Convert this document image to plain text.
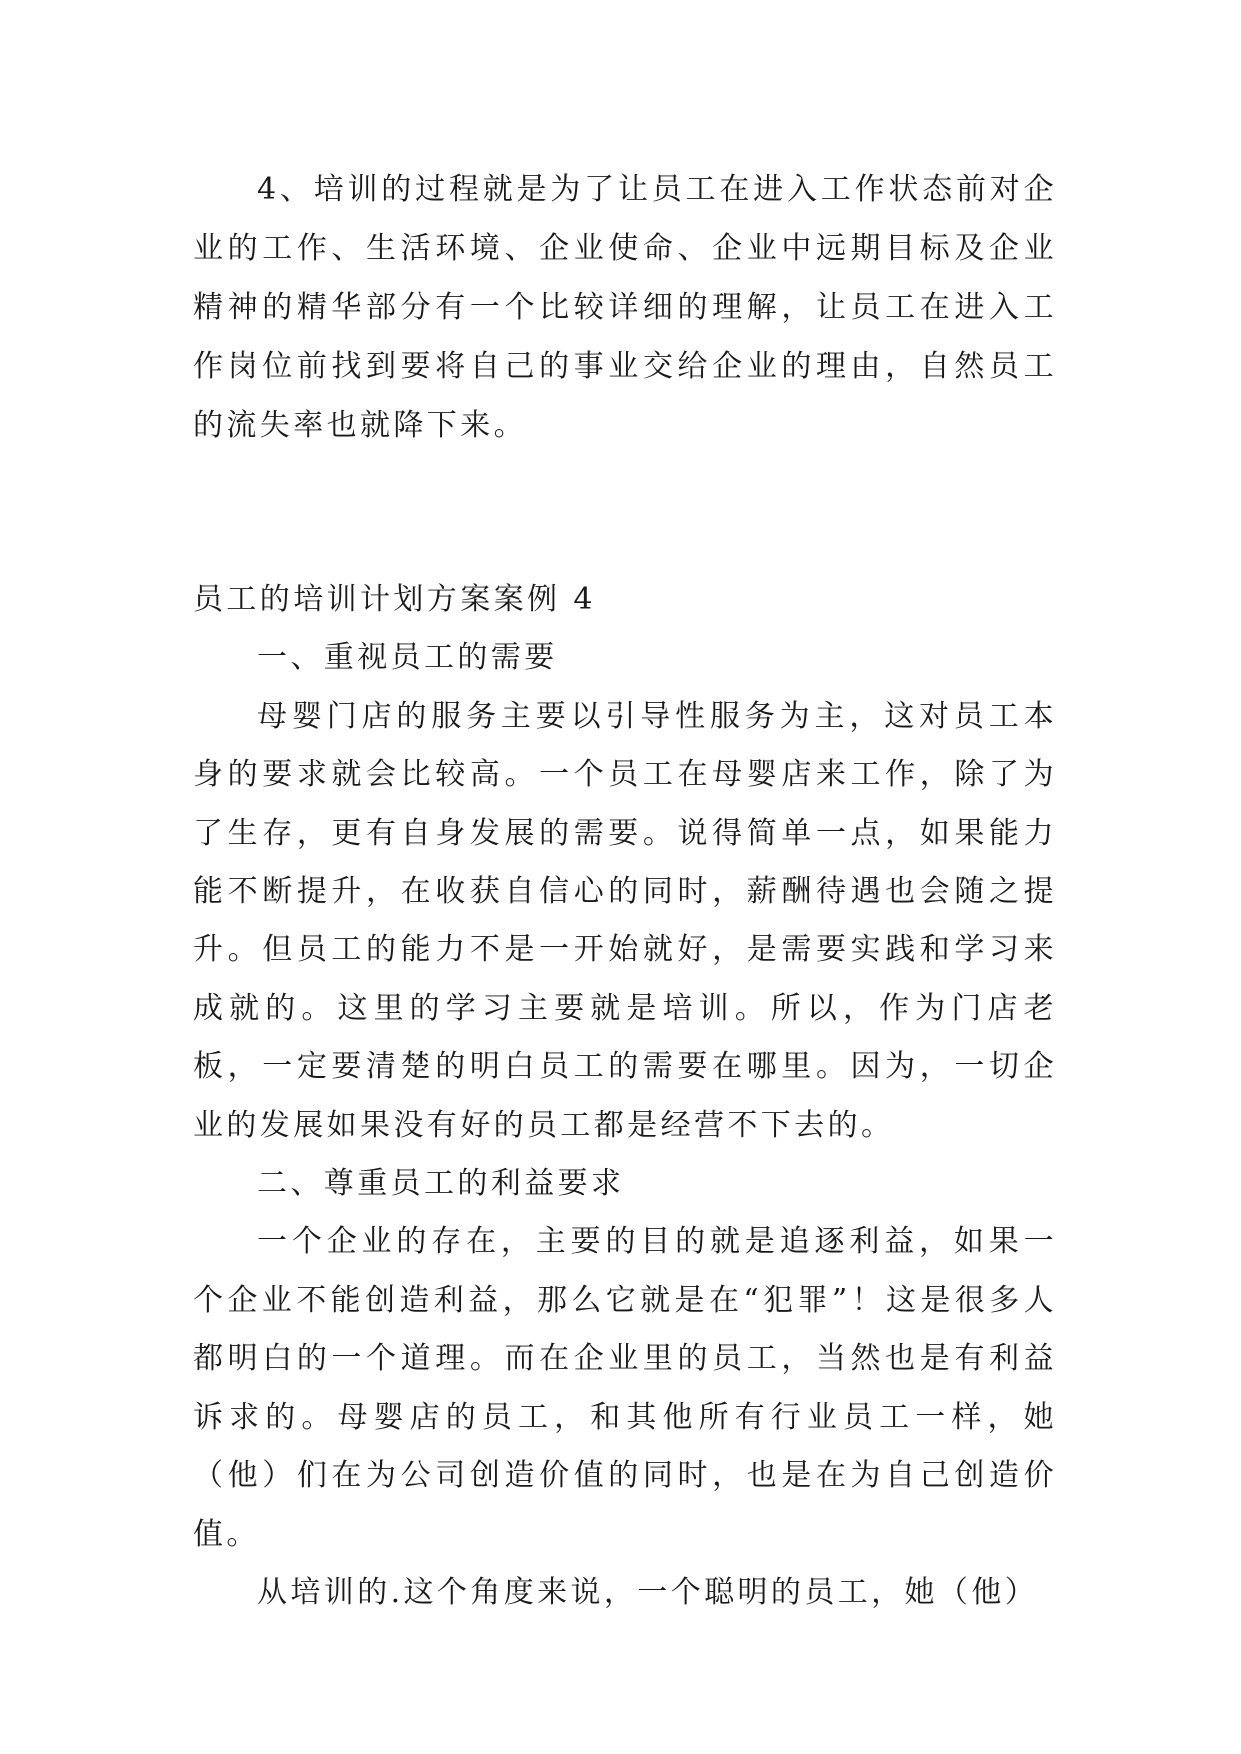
4、培训的过程就是为了让员工在进入工作状态前对企业的工作、生活环境、企业使命、企业中远期目标及企业精神的精华部分有一个比较详细的理解，让员工在进入工作岗位前找到要将自己的事业交给企业的理由，自然员工的流失率也就降下来。

员工的培训计划方案案例 4

一、重视员工的需要

母婴门店的服务主要以引导性服务为主，这对员工本身的要求就会比较高。一个员工在母婴店来工作，除了为了生存，更有自身发展的需要。说得简单一点，如果能力能不断提升，在收获自信心的同时，薪酬待遇也会随之提升。但员工的能力不是一开始就好，是需要实践和学习来成就的。这里的学习主要就是培训。所以，作为门店老板，一定要清楚的明白员工的需要在哪里。因为，一切企业的发展如果没有好的员工都是经营不下去的。

二、尊重员工的利益要求

一个企业的存在，主要的目的就是追逐利益，如果一个企业不能创造利益，那么它就是在“犯罪”！这是很多人都明白的一个道理。而在企业里的员工，当然也是有利益诉求的。母婴店的员工，和其他所有行业员工一样，她（他）们在为公司创造价值的同时，也是在为自己创造价值。

从培训的.这个角度来说，一个聪明的员工，她（他）
